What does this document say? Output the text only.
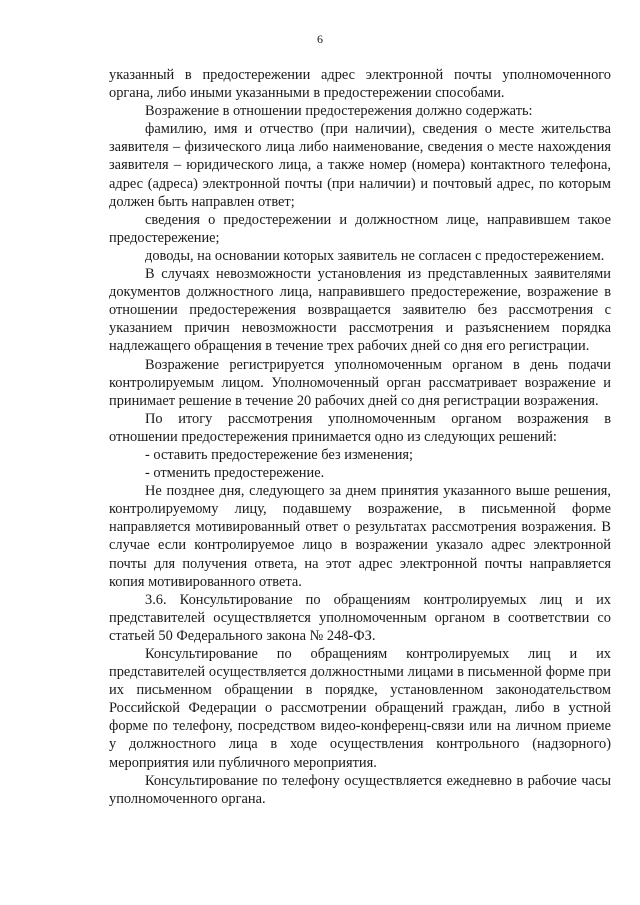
6

указанный в предостережении адрес электронной почты уполномоченного органа, либо иными указанными в предостережении способами.

Возражение в отношении предостережения должно содержать:

фамилию, имя и отчество (при наличии), сведения о месте жительства заявителя – физического лица либо наименование, сведения о месте нахождения заявителя – юридического лица, а также номер (номера) контактного телефона, адрес (адреса) электронной почты (при наличии) и почтовый адрес, по которым должен быть направлен ответ;

сведения о предостережении и должностном лице, направившем такое предостережение;

доводы, на основании которых заявитель не согласен с предостережением.

В случаях невозможности установления из представленных заявителями документов должностного лица, направившего предостережение, возражение в отношении предостережения возвращается заявителю без рассмотрения с указанием причин невозможности рассмотрения и разъяснением порядка надлежащего обращения в течение трех рабочих дней со дня его регистрации.

Возражение регистрируется уполномоченным органом в день подачи контролируемым лицом. Уполномоченный орган рассматривает возражение и принимает решение в течение 20 рабочих дней со дня регистрации возражения.

По итогу рассмотрения уполномоченным органом возражения в отношении предостережения принимается одно из следующих решений:

- оставить предостережение без изменения;

- отменить предостережение.

Не позднее дня, следующего за днем принятия указанного выше решения, контролируемому лицу, подавшему возражение, в письменной форме направляется мотивированный ответ о результатах рассмотрения возражения. В случае если контролируемое лицо в возражении указало адрес электронной почты для получения ответа, на этот адрес электронной почты направляется копия мотивированного ответа.

3.6. Консультирование по обращениям контролируемых лиц и их представителей осуществляется уполномоченным органом в соответствии со статьей 50 Федерального закона № 248-ФЗ.

Консультирование по обращениям контролируемых лиц и их представителей осуществляется должностными лицами в письменной форме при их письменном обращении в порядке, установленном законодательством Российской Федерации о рассмотрении обращений граждан, либо в устной форме по телефону, посредством видео-конференц-связи или на личном приеме у должностного лица в ходе осуществления контрольного (надзорного) мероприятия или публичного мероприятия.

Консультирование по телефону осуществляется ежедневно в рабочие часы уполномоченного органа.
